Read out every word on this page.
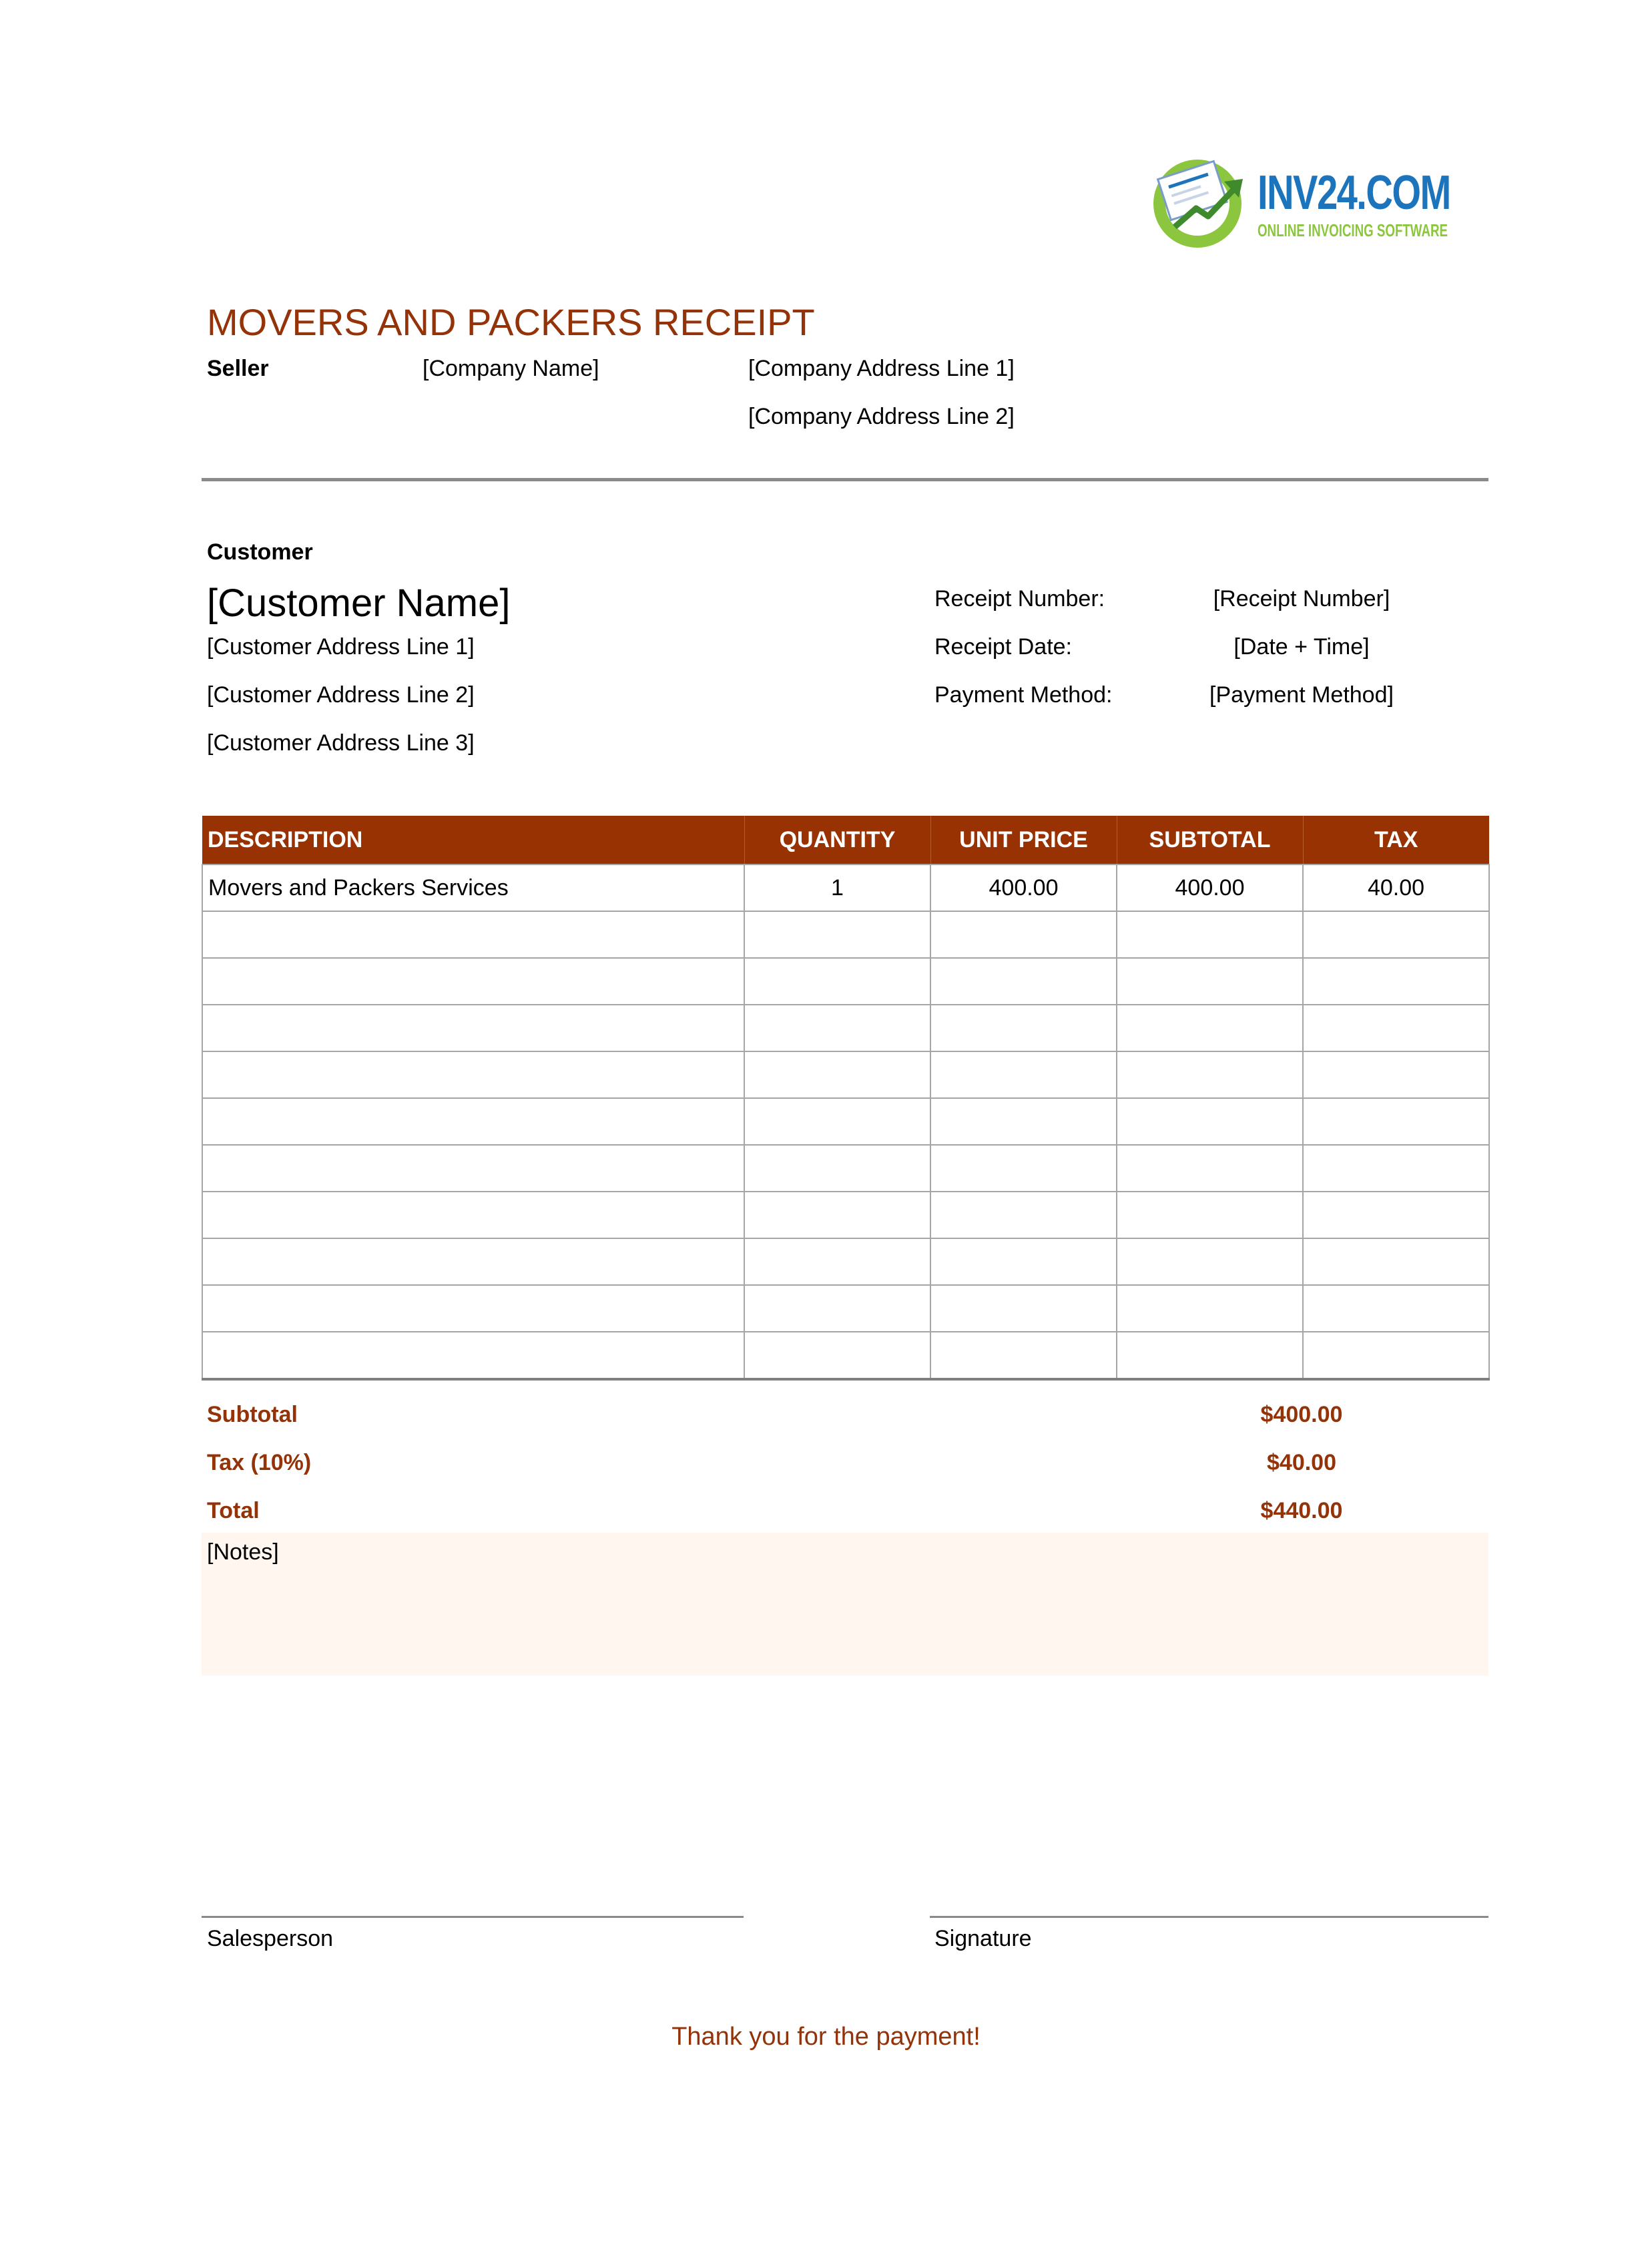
INV24.COM
ONLINE INVOICING SOFTWARE
MOVERS AND PACKERS RECEIPT
Seller	[Company Name]	[Company Address Line 1]
[Company Address Line 2]
Customer
[Customer Name]
[Customer Address Line 1]
[Customer Address Line 2]
[Customer Address Line 3]
Receipt Number:	[Receipt Number]
Receipt Date:	[Date + Time]
Payment Method:	[Payment Method]
DESCRIPTION	QUANTITY	UNIT PRICE	SUBTOTAL	TAX
Movers and Packers Services	1	400.00	400.00	40.00

Subtotal	$400.00
Tax (10%)	$40.00
Total	$440.00
[Notes]
Salesperson	Signature
Thank you for the payment!
